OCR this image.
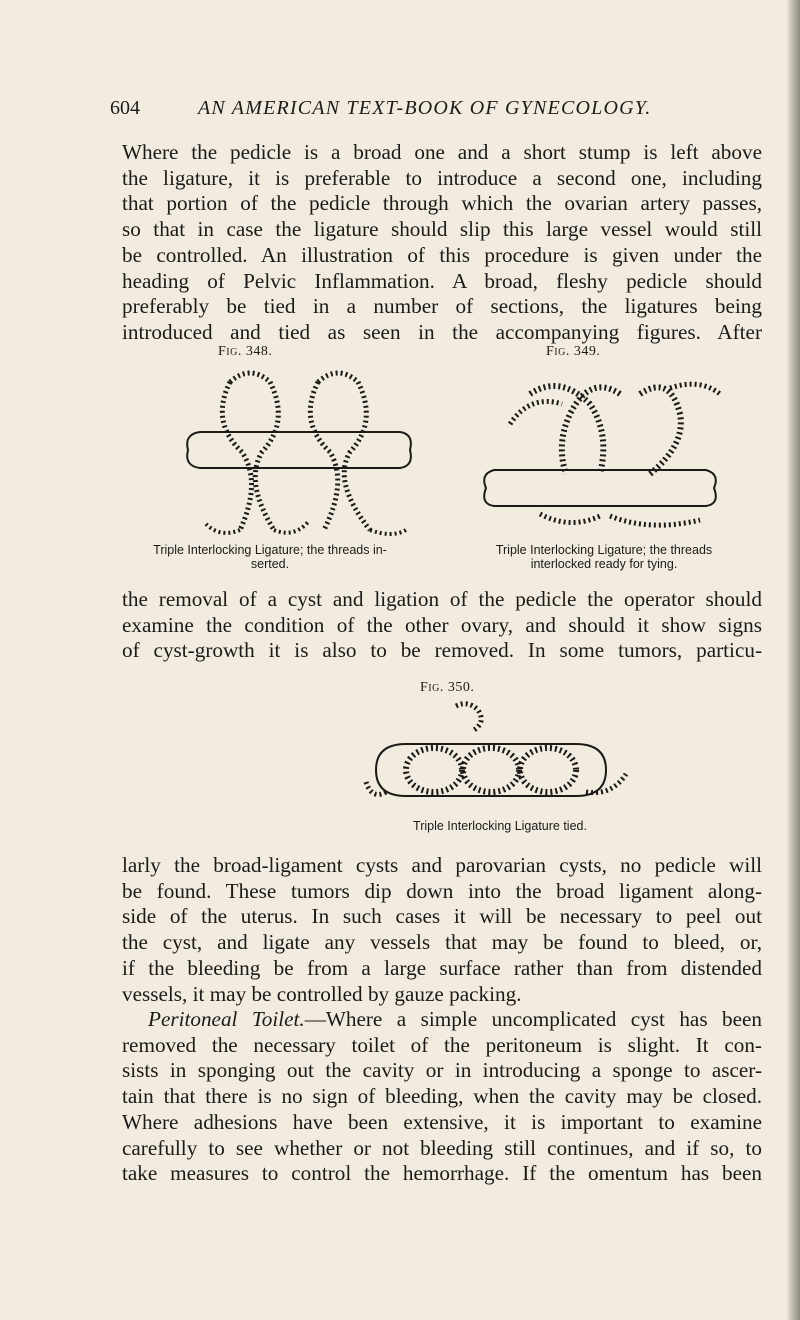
604	AN AMERICAN TEXT-BOOK OF GYNECOLOGY.
Where the pedicle is a broad one and a short stump is left above
the ligature, it is preferable to introduce a second one, including
that portion of the pedicle through which the ovarian artery passes,
so that in case the ligature should slip this large vessel would still
be controlled. An illustration of this procedure is given under the
heading of Pelvic Inflammation. A broad, fleshy pedicle should
preferably be tied in a number of sections, the ligatures being
introduced and tied as seen in the accompanying figures. After
Fig. 348.
Triple Interlocking Ligature; the threads in-
serted.
Fig. 349.
Triple Interlocking Ligature; the threads
interlocked ready for tying.
the removal of a cyst and ligation of the pedicle the operator should
examine the condition of the other ovary, and should it show signs
of cyst-growth it is also to be removed. In some tumors, particu-
Fig. 350.
Triple Interlocking Ligature tied.
larly the broad-ligament cysts and parovarian cysts, no pedicle will
be found. These tumors dip down into the broad ligament along-
side of the uterus. In such cases it will be necessary to peel out
the cyst, and ligate any vessels that may be found to bleed, or,
if the bleeding be from a large surface rather than from distended
vessels, it may be controlled by gauze packing.
Peritoneal Toilet.—Where a simple uncomplicated cyst has been
removed the necessary toilet of the peritoneum is slight. It con-
sists in sponging out the cavity or in introducing a sponge to ascer-
tain that there is no sign of bleeding, when the cavity may be closed.
Where adhesions have been extensive, it is important to examine
carefully to see whether or not bleeding still continues, and if so, to
take measures to control the hemorrhage. If the omentum has been
